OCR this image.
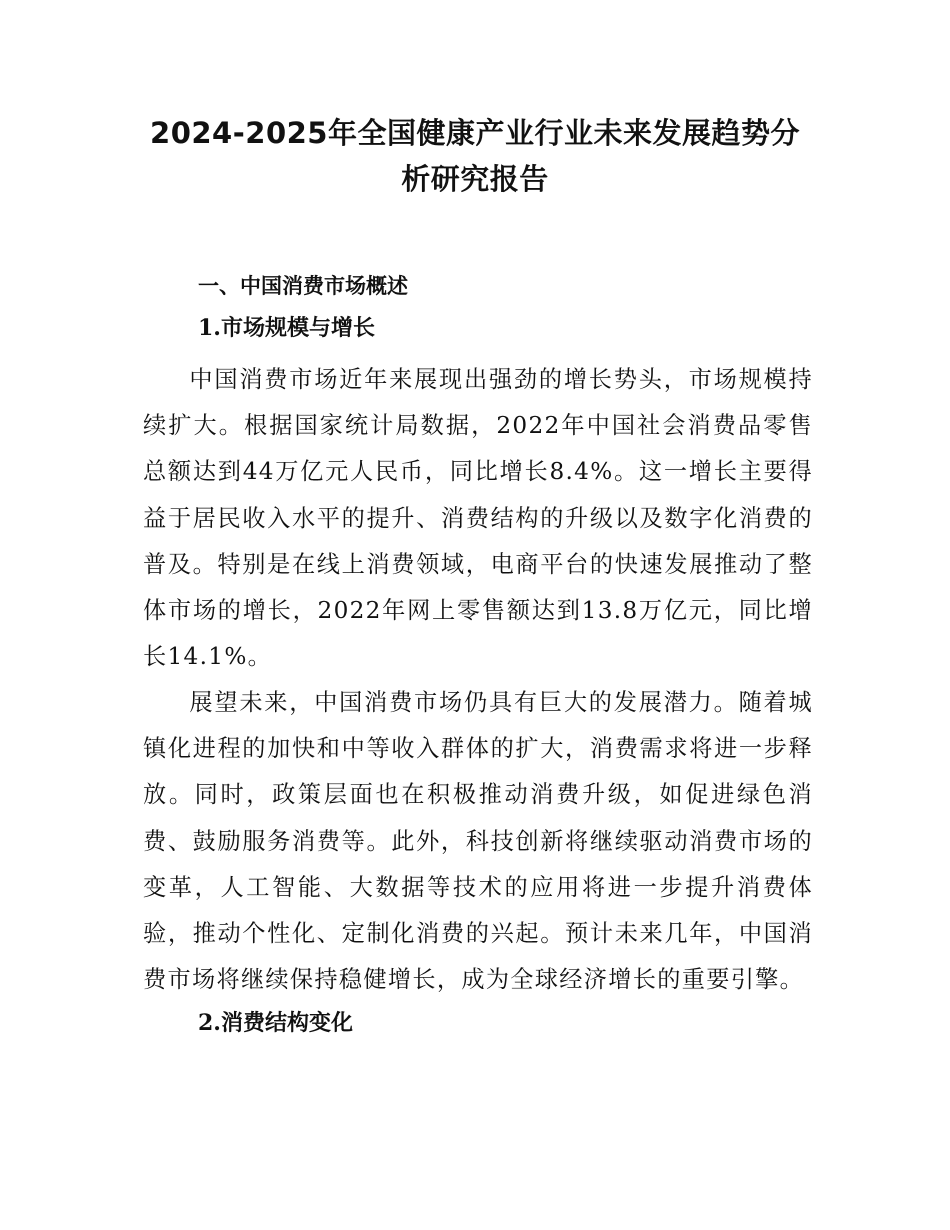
2024-2025年全国健康产业行业未来发展趋势分
析研究报告
一、中国消费市场概述
1.市场规模与增长

中国消费市场近年来展现出强劲的增长势头，市场规模持续扩大。根据国家统计局数据，2022年中国社会消费品零售总额达到44万亿元人民币，同比增长8.4%。这一增长主要得益于居民收入水平的提升、消费结构的升级以及数字化消费的普及。特别是在线上消费领域，电商平台的快速发展推动了整体市场的增长，2022年网上零售额达到13.8万亿元，同比增长14.1%。

展望未来，中国消费市场仍具有巨大的发展潜力。随着城镇化进程的加快和中等收入群体的扩大，消费需求将进一步释放。同时，政策层面也在积极推动消费升级，如促进绿色消费、鼓励服务消费等。此外，科技创新将继续驱动消费市场的变革，人工智能、大数据等技术的应用将进一步提升消费体验，推动个性化、定制化消费的兴起。预计未来几年，中国消费市场将继续保持稳健增长，成为全球经济增长的重要引擎。

2.消费结构变化
